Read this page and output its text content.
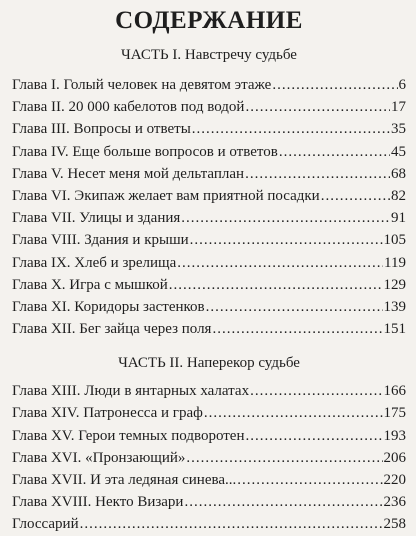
СОДЕРЖАНИЕ
ЧАСТЬ I. Навстречу судьбе
Глава I. Голый человек на девятом этаже .....	6
Глава II. 20 000 кабелотов под водой .....	17
Глава III. Вопросы и ответы .....	35
Глава IV. Еще больше вопросов и ответов .....	45
Глава V. Несет меня мой дельтаплан .....	68
Глава VI. Экипаж желает вам приятной посадки .....	82
Глава VII. Улицы и здания .....	91
Глава VIII. Здания и крыши .....	105
Глава IX. Хлеб и зрелища .....	119
Глава X. Игра с мышкой .....	129
Глава XI. Коридоры застенков .....	139
Глава XII. Бег зайца через поля .....	151
ЧАСТЬ II. Наперекор судьбе
Глава XIII. Люди в янтарных халатах .....	166
Глава XIV. Патронесса и граф .....	175
Глава XV. Герои темных подворотен .....	193
Глава XVI. «Пронзающий» .....	206
Глава XVII. И эта ледяная синева... .....	220
Глава XVIII. Некто Визари .....	236
Глоссарий .....	258
